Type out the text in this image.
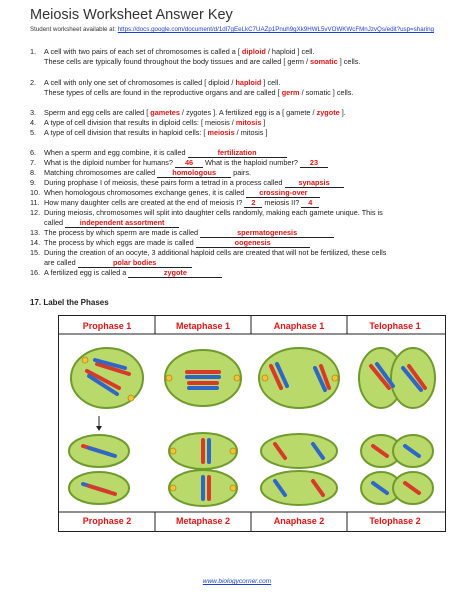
Meiosis Worksheet Answer Key
Student worksheet available at: https://docs.google.com/document/d/1dl7gEeLkC7UAZp1Pnuh9gXk9HWL5vVOWKWcFMnJzvQs/edit?usp=sharing
1. A cell with two pairs of each set of chromosomes is called a [ diploid / haploid ] cell.
These cells are typically found throughout the body tissues and are called [ germ / somatic ] cells.
2. A cell with only one set of chromosomes is called [ diploid / haploid ] cell.
These types of cells are found in the reproductive organs and are called [ germ / somatic ] cells.
3. Sperm and egg cells are called [ gametes / zygotes ]. A fertilized egg is a [ gamete / zygote ].
4. A type of cell division that results in diploid cells: [ meiosis / mitosis ]
5. A type of cell division that results in haploid cells: [ meiosis / mitosis ]
6. When a sperm and egg combine, it is called	fertilization
7. What is the diploid number for humans? 46 What is the haploid number? 23
8. Matching chromosomes are called homologous pairs.
9. During prophase I of meiosis, these pairs form a tetrad in a process called synapsis
10. When homologous chromosomes exchange genes, it is called crossing-over
11. How many daughter cells are created at the end of meiosis I? 2 meiosis II? 4
12. During meiosis, chromosomes will split into daughter cells randomly, making each gamete unique. This is
called independent assortment
13. The process by which sperm are made is called	spermatogenesis
14. The process by which eggs are made is called	oogenesis
15. During the creation of an oocyte, 3 additional haploid cells are created that will not be fertilized, these cells
are called	polar bodies
16. A fertilized egg is called a	zygote
17. Label the Phases
Prophase 1	Metaphase 1	Anaphase 1	Telophase 1
Prophase 2	Metaphase 2	Anaphase 2	Telophase 2
www.biologycorner.com
